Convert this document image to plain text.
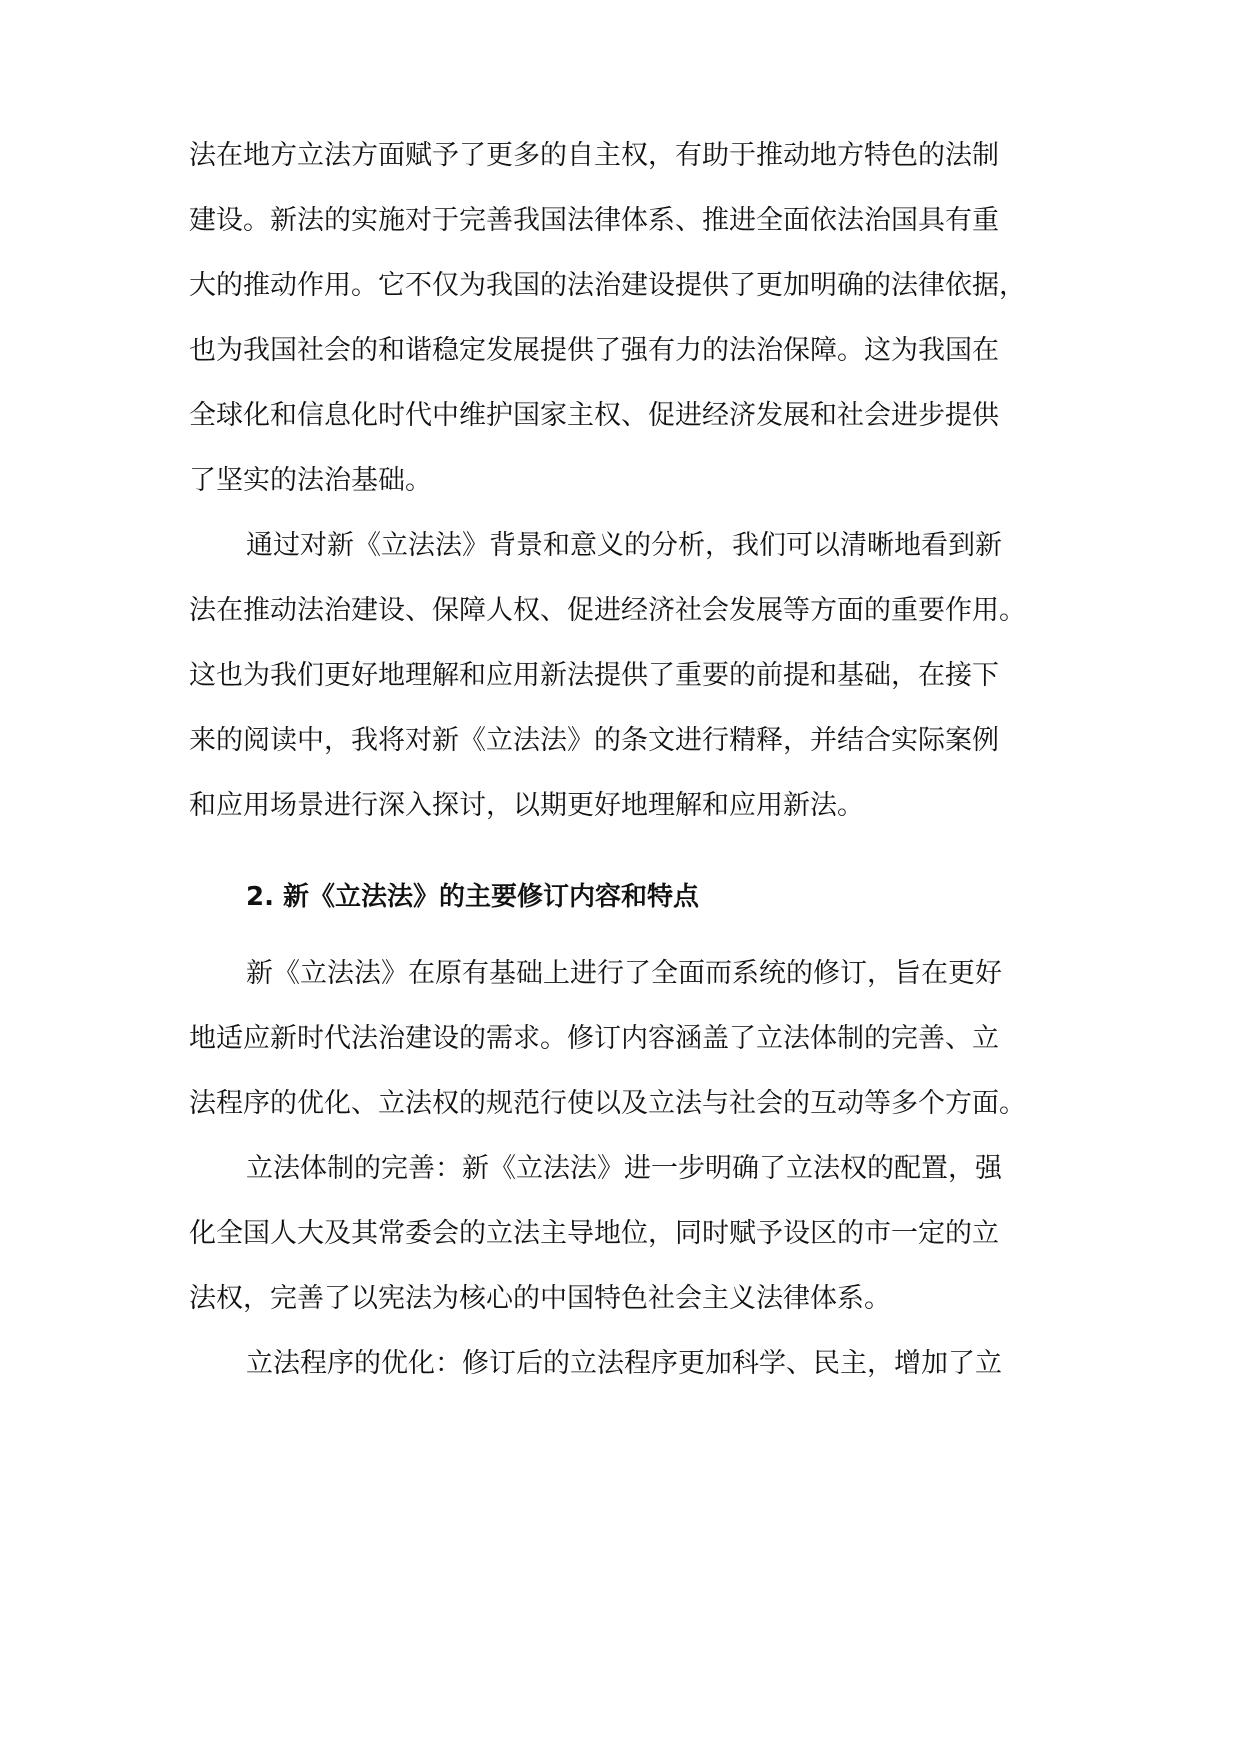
法在地方立法方面赋予了更多的自主权，有助于推动地方特色的法制
建设。新法的实施对于完善我国法律体系、推进全面依法治国具有重
大的推动作用。它不仅为我国的法治建设提供了更加明确的法律依据，
也为我国社会的和谐稳定发展提供了强有力的法治保障。这为我国在
全球化和信息化时代中维护国家主权、促进经济发展和社会进步提供
了坚实的法治基础。
通过对新《立法法》背景和意义的分析，我们可以清晰地看到新
法在推动法治建设、保障人权、促进经济社会发展等方面的重要作用。
这也为我们更好地理解和应用新法提供了重要的前提和基础，在接下
来的阅读中，我将对新《立法法》的条文进行精释，并结合实际案例
和应用场景进行深入探讨，以期更好地理解和应用新法。
2. 新《立法法》的主要修订内容和特点
新《立法法》在原有基础上进行了全面而系统的修订，旨在更好
地适应新时代法治建设的需求。修订内容涵盖了立法体制的完善、立
法程序的优化、立法权的规范行使以及立法与社会的互动等多个方面。
立法体制的完善：新《立法法》进一步明确了立法权的配置，强
化全国人大及其常委会的立法主导地位，同时赋予设区的市一定的立
法权，完善了以宪法为核心的中国特色社会主义法律体系。
立法程序的优化：修订后的立法程序更加科学、民主，增加了立
